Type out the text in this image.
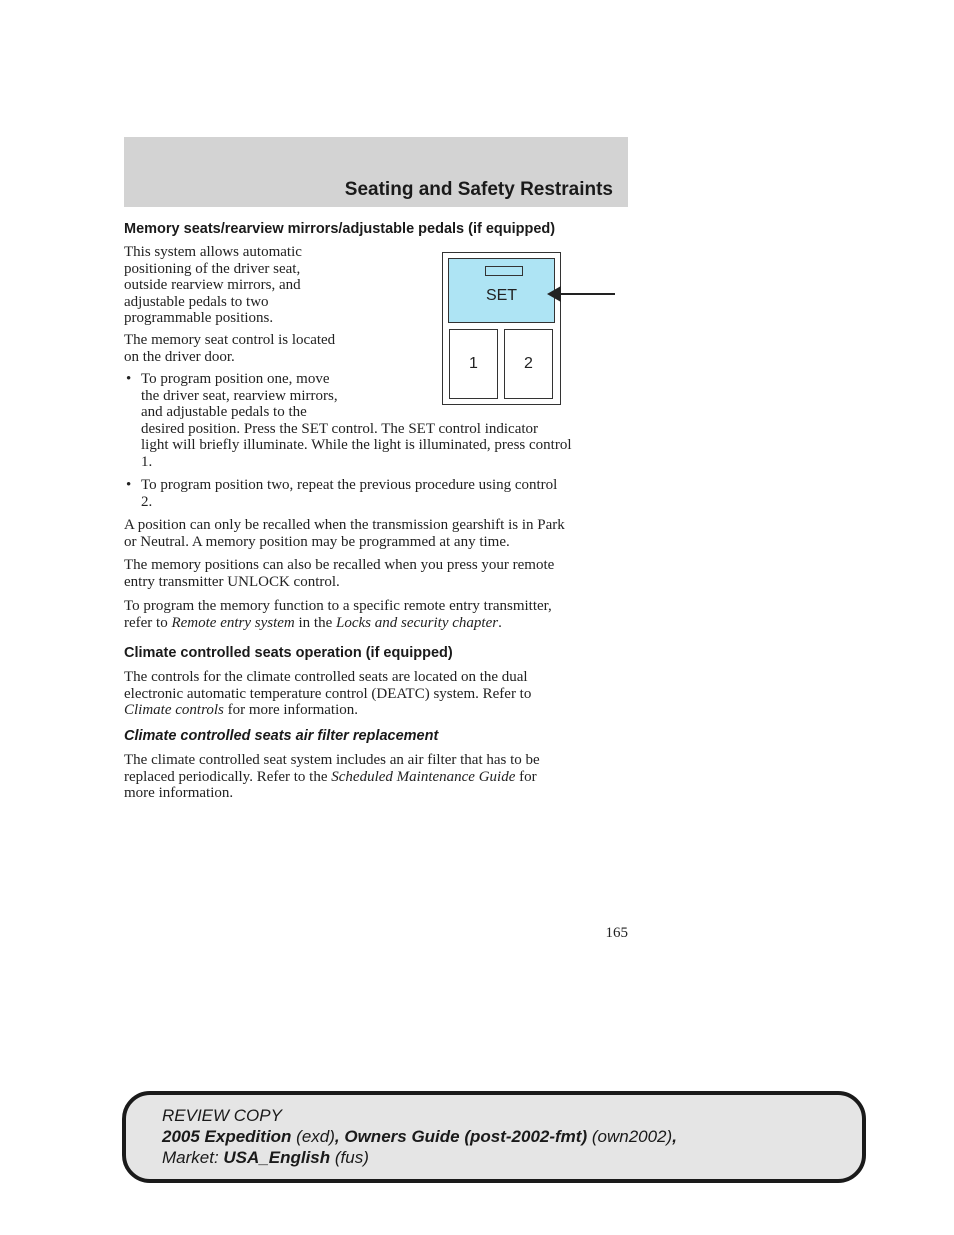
Seating and Safety Restraints
Memory seats/rearview mirrors/adjustable pedals (if equipped)
This system allows automatic
positioning of the driver seat,
outside rearview mirrors, and
adjustable pedals to two
programmable positions.
The memory seat control is located
on the driver door.
• To program position one, move
the driver seat, rearview mirrors,
and adjustable pedals to the
desired position. Press the SET control. The SET control indicator
light will briefly illuminate. While the light is illuminated, press control
1.
• To program position two, repeat the previous procedure using control
2.
A position can only be recalled when the transmission gearshift is in Park
or Neutral. A memory position may be programmed at any time.
The memory positions can also be recalled when you press your remote
entry transmitter UNLOCK control.
To program the memory function to a specific remote entry transmitter,
refer to Remote entry system in the Locks and security chapter.
SET
1	2
Climate controlled seats operation (if equipped)
The controls for the climate controlled seats are located on the dual
electronic automatic temperature control (DEATC) system. Refer to
Climate controls for more information.
Climate controlled seats air filter replacement
The climate controlled seat system includes an air filter that has to be
replaced periodically. Refer to the Scheduled Maintenance Guide for
more information.
165
REVIEW COPY
2005 Expedition (exd), Owners Guide (post-2002-fmt) (own2002),
Market: USA_English (fus)
